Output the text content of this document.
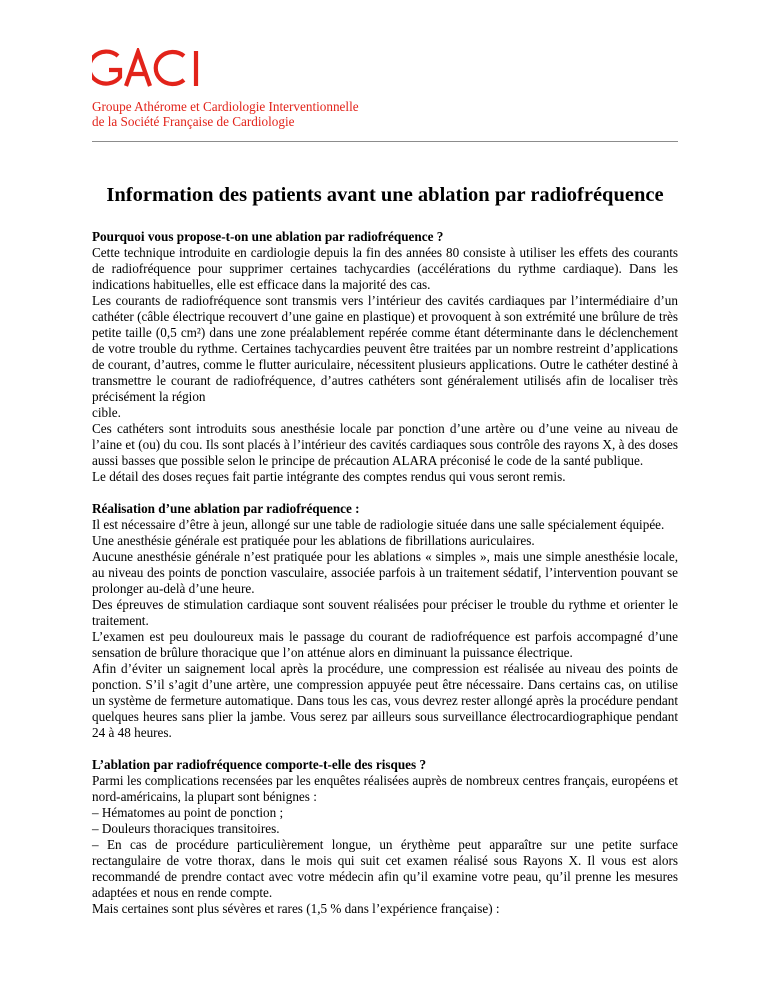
Groupe Athérome et Cardiologie Interventionnelle
de la Société Française de Cardiologie
Information des patients avant une ablation par radiofréquence
Pourquoi vous propose-t-on une ablation par radiofréquence ?

Cette technique introduite en cardiologie depuis la fin des années 80 consiste à utiliser les effets des courants de radiofréquence pour supprimer certaines tachycardies (accélérations du rythme cardiaque). Dans les indications habituelles, elle est efficace dans la majorité des cas.

Les courants de radiofréquence sont transmis vers l’intérieur des cavités cardiaques par l’intermédiaire d’un cathéter (câble électrique recouvert d’une gaine en plastique) et provoquent à son extrémité une brûlure de très petite taille (0,5 cm²) dans une zone préalablement repérée comme étant déterminante dans le déclenchement de votre trouble du rythme. Certaines tachycardies peuvent être traitées par un nombre restreint d’applications de courant, d’autres, comme le flutter auriculaire, nécessitent plusieurs applications. Outre le cathéter destiné à transmettre le courant de radiofréquence, d’autres cathéters sont généralement utilisés afin de localiser très précisément la région

cible.

Ces cathéters sont introduits sous anesthésie locale par ponction d’une artère ou d’une veine au niveau de l’aine et (ou) du cou. Ils sont placés à l’intérieur des cavités cardiaques sous contrôle des rayons X, à des doses aussi basses que possible selon le principe de précaution ALARA préconisé le code de la santé publique.

Le détail des doses reçues fait partie intégrante des comptes rendus qui vous seront remis.

Réalisation d’une ablation par radiofréquence :

Il est nécessaire d’être à jeun, allongé sur une table de radiologie située dans une salle spécialement équipée.

Une anesthésie générale est pratiquée pour les ablations de fibrillations auriculaires.

Aucune anesthésie générale n’est pratiquée pour les ablations « simples », mais une simple anesthésie locale, au niveau des points de ponction vasculaire, associée parfois à un traitement sédatif, l’intervention pouvant se prolonger au-delà d’une heure.

Des épreuves de stimulation cardiaque sont souvent réalisées pour préciser le trouble du rythme et orienter le traitement.

L’examen est peu douloureux mais le passage du courant de radiofréquence est parfois accompagné d’une sensation de brûlure thoracique que l’on atténue alors en diminuant la puissance électrique.

Afin d’éviter un saignement local après la procédure, une compression est réalisée au niveau des points de ponction. S’il s’agit d’une artère, une compression appuyée peut être nécessaire. Dans certains cas, on utilise un système de fermeture automatique. Dans tous les cas, vous devrez rester allongé après la procédure pendant quelques heures sans plier la jambe. Vous serez par ailleurs sous surveillance électrocardiographique pendant 24 à 48 heures.

L’ablation par radiofréquence comporte-t-elle des risques ?

Parmi les complications recensées par les enquêtes réalisées auprès de nombreux centres français, européens et nord-américains, la plupart sont bénignes :

– Hématomes au point de ponction ;

– Douleurs thoraciques transitoires.

– En cas de procédure particulièrement longue, un érythème peut apparaître sur une petite surface rectangulaire de votre thorax, dans le mois qui suit cet examen réalisé sous Rayons X. Il vous est alors recommandé de prendre contact avec votre médecin afin qu’il examine votre peau, qu’il prenne les mesures adaptées et nous en rende compte.

Mais certaines sont plus sévères et rares (1,5 % dans l’expérience française) :
